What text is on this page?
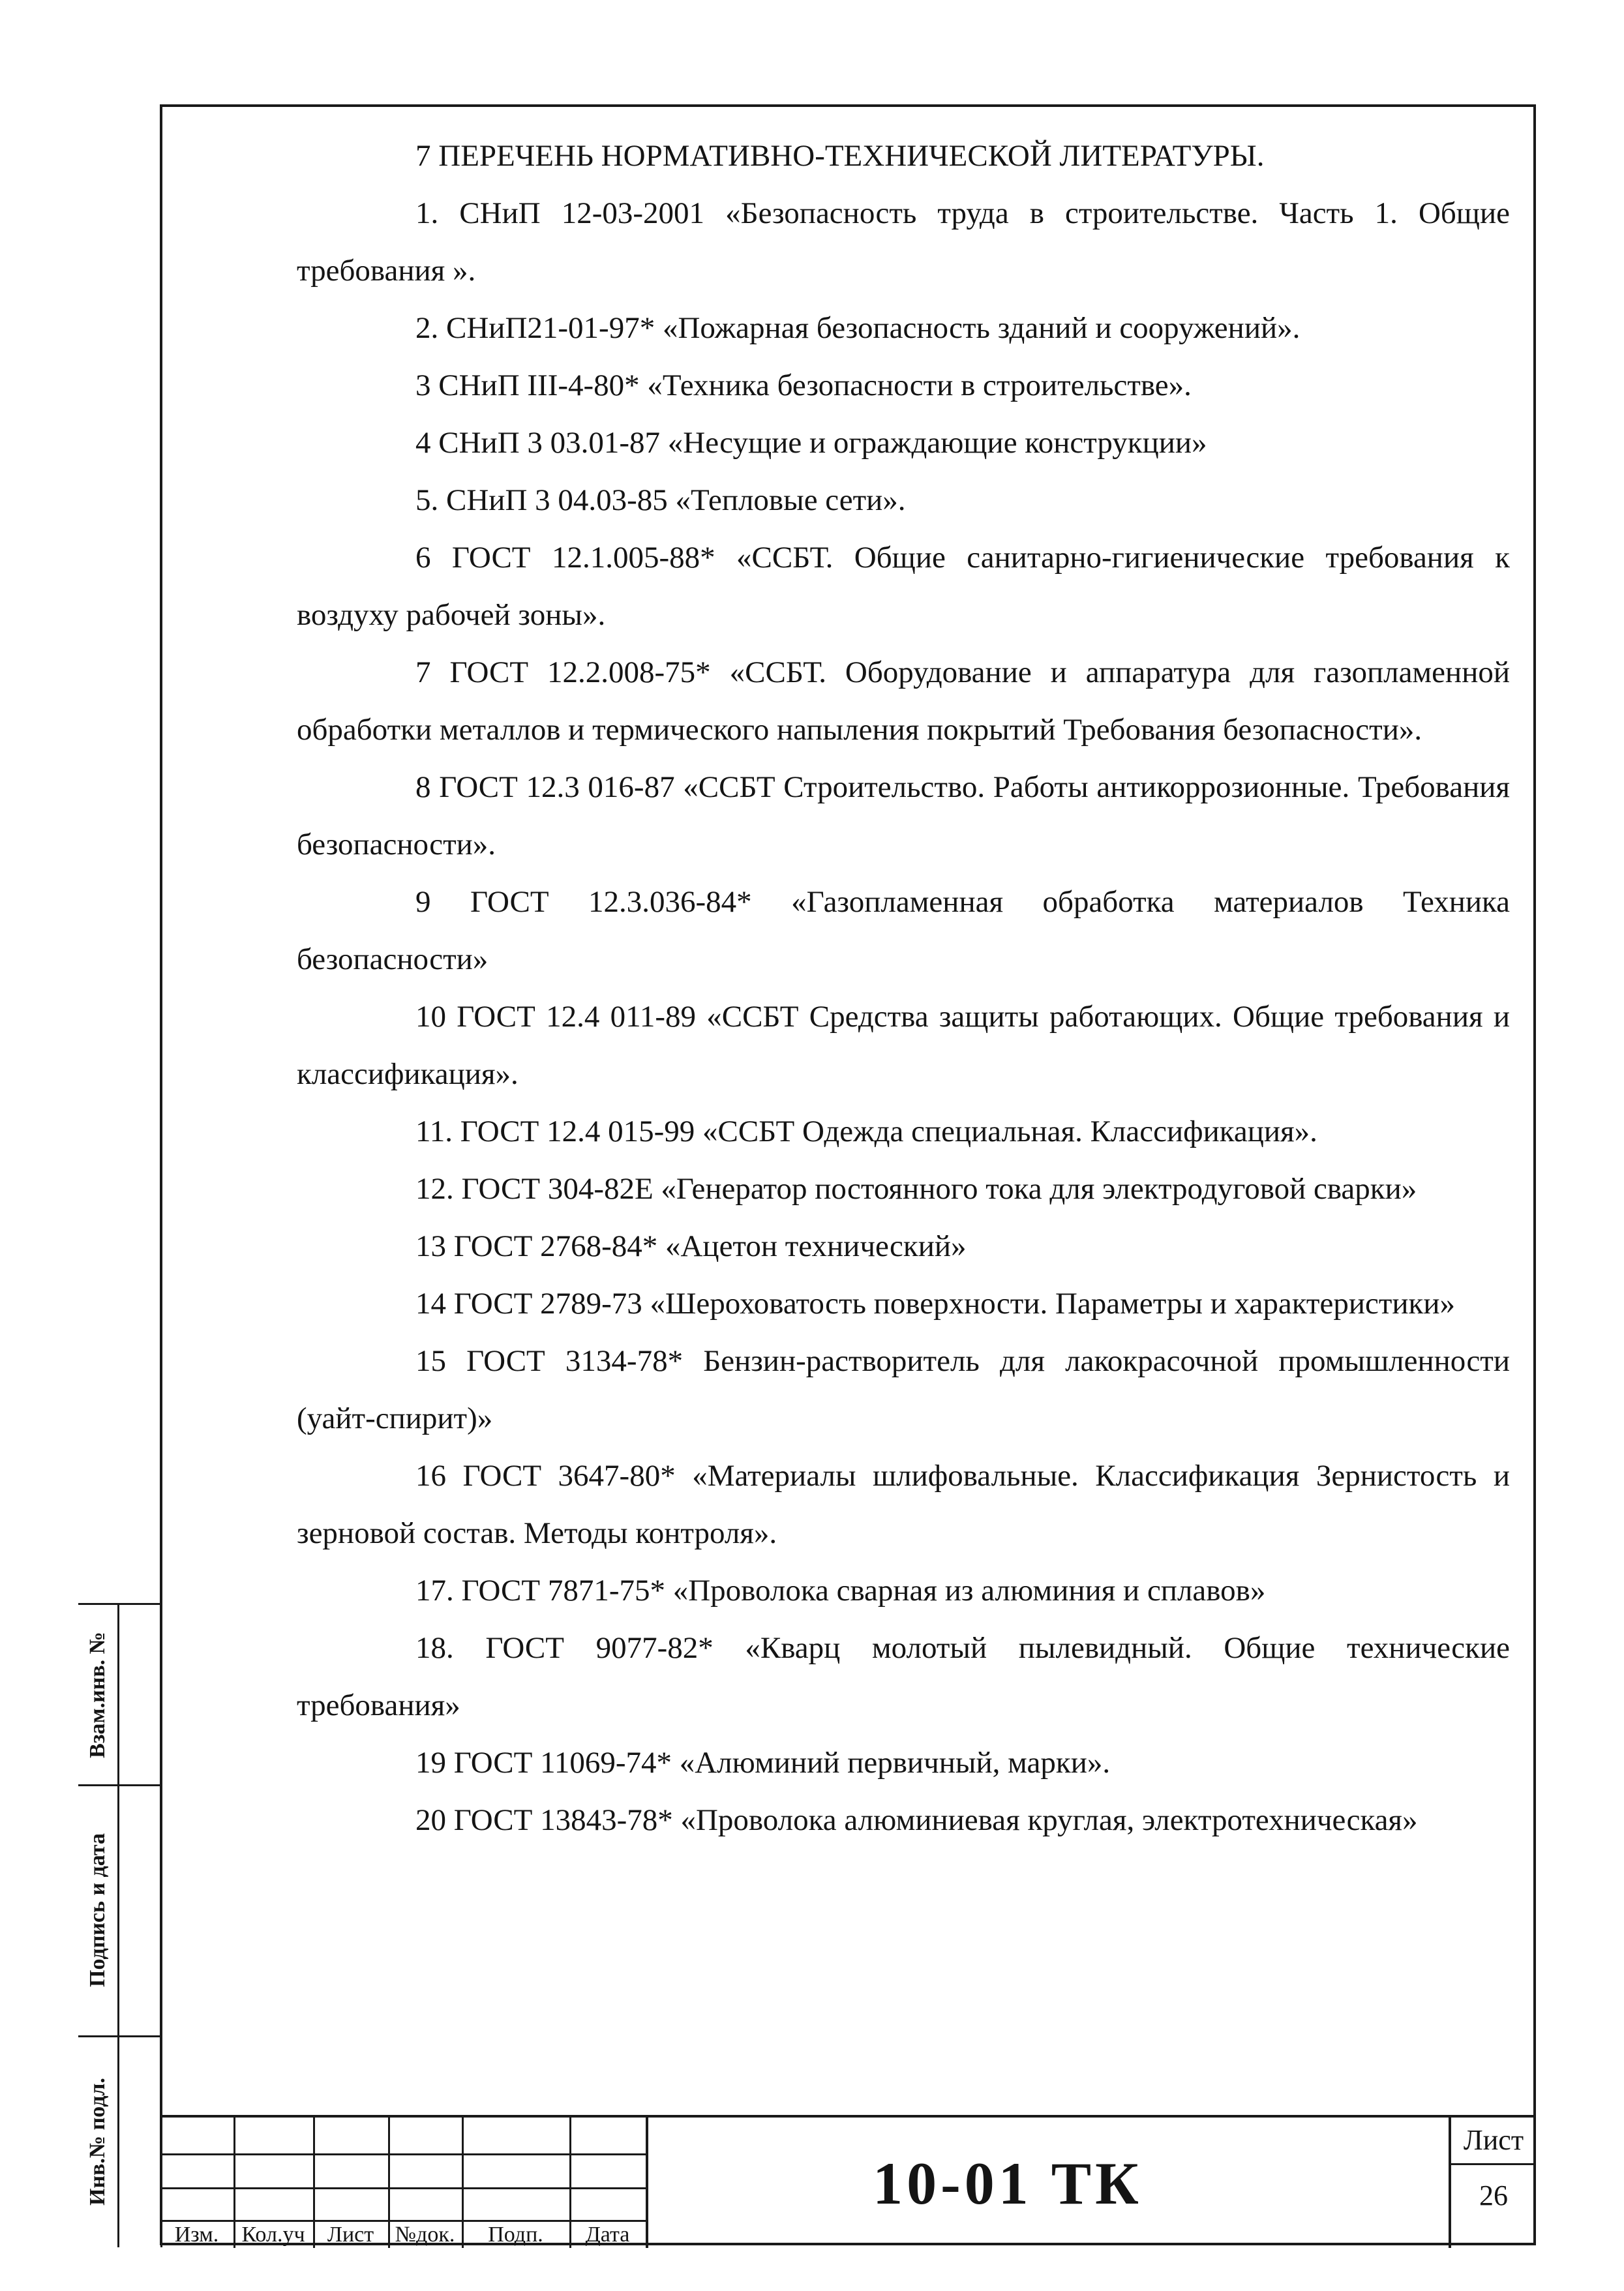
7 ПЕРЕЧЕНЬ НОРМАТИВНО-ТЕХНИЧЕСКОЙ ЛИТЕРАТУРЫ.

1. СНиП 12-03-2001 «Безопасность труда в строительстве. Часть 1. Общие требования ».

2. СНиП21-01-97* «Пожарная безопасность зданий и сооружений».

3 СНиП III-4-80* «Техника безопасности в строительстве».

4 СНиП 3 03.01-87 «Несущие и ограждающие конструкции»

5. СНиП 3 04.03-85 «Тепловые сети».

6 ГОСТ 12.1.005-88* «ССБТ. Общие санитарно-гигиенические требования к воздуху рабочей зоны».

7 ГОСТ 12.2.008-75* «ССБТ. Оборудование и аппаратура для газопламенной обработки металлов и термического напыления покрытий Требования безопасности».

8 ГОСТ 12.3 016-87 «ССБТ Строительство. Работы антикоррозионные. Требования безопасности».

9 ГОСТ 12.3.036-84* «Газопламенная обработка материалов Техника безопасности»

10 ГОСТ 12.4 011-89 «ССБТ Средства защиты работающих. Общие требования и классификация».

11. ГОСТ 12.4 015-99 «ССБТ Одежда специальная. Классификация».

12. ГОСТ 304-82Е «Генератор постоянного тока для электродуговой сварки»

13 ГОСТ 2768-84* «Ацетон технический»

14 ГОСТ 2789-73 «Шероховатость поверхности. Параметры и характеристики»

15 ГОСТ 3134-78* Бензин-растворитель для лакокрасочной промышленности (уайт-спирит)»

16 ГОСТ 3647-80* «Материалы шлифовальные. Классификация Зернистость и зерновой состав. Методы контроля».

17. ГОСТ 7871-75* «Проволока сварная из алюминия и сплавов»

18. ГОСТ 9077-82* «Кварц молотый пылевидный. Общие технические требования»

19 ГОСТ 11069-74* «Алюминий первичный, марки».

20 ГОСТ 13843-78* «Проволока алюминиевая круглая, электротехническая»

Взам.инв. №
Подпись и дата
Инв.№ подл.
Изм.	Кол.уч	Лист №док.	Подп.	Дата
10-01 ТК
Лист
26
